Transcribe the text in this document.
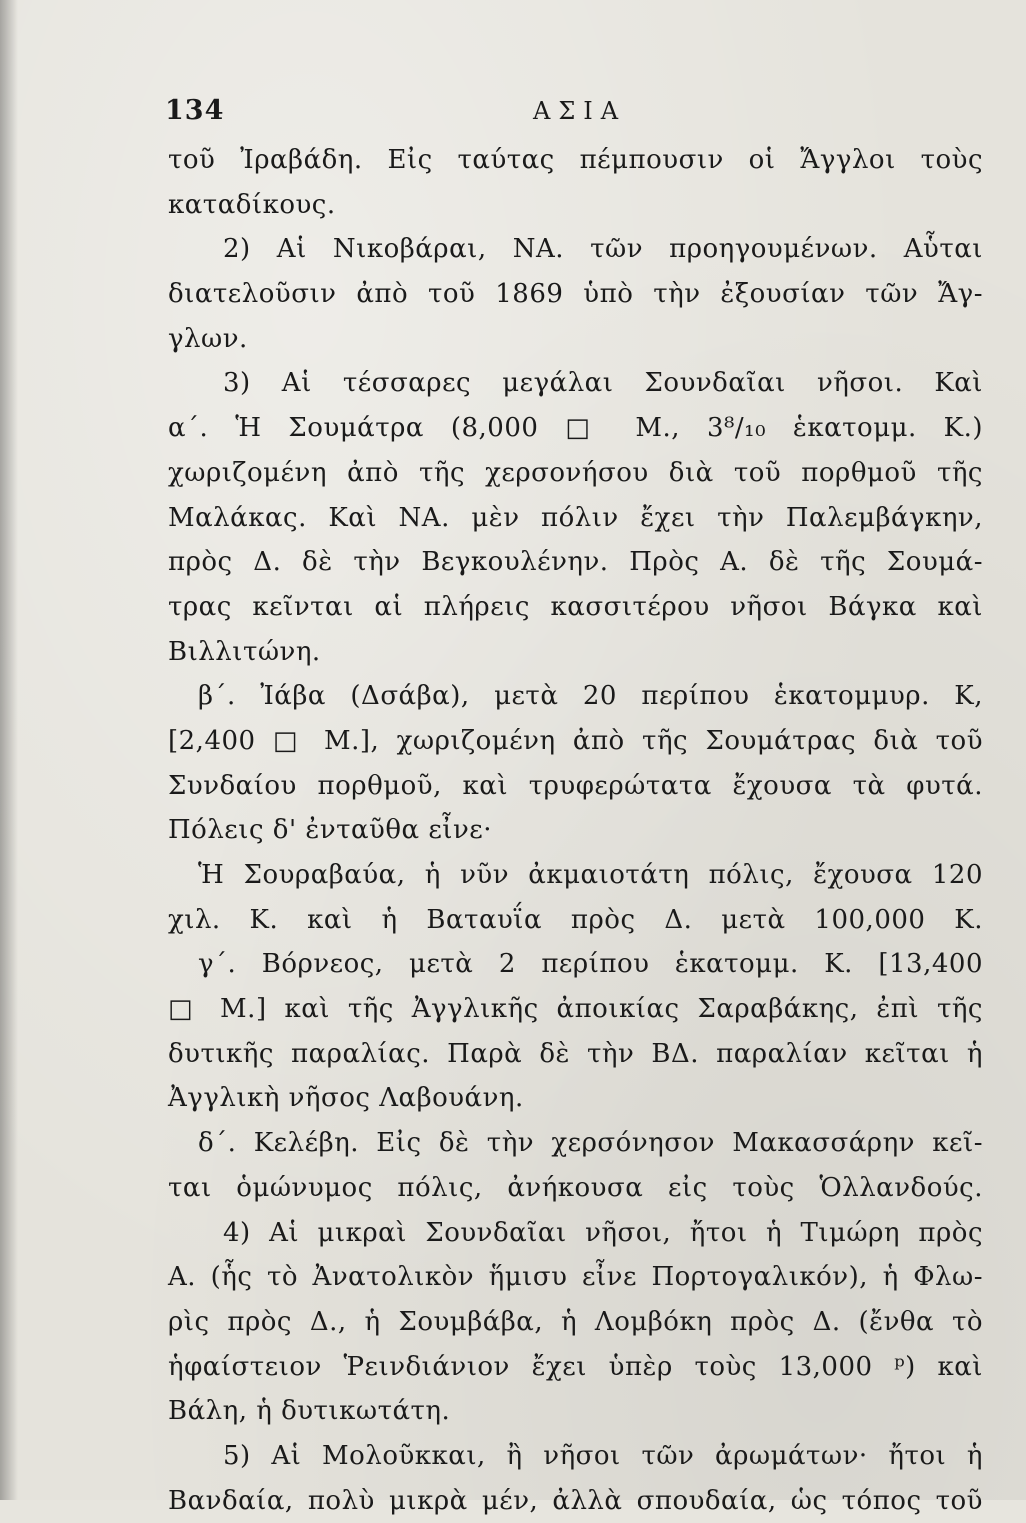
134	ΑΣΙΑ
τοῦ Ἰραβάδη. Εἰς ταύτας πέμπουσιν οἱ Ἄγγλοι τοὺς
καταδίκους.
2) Αἱ Νικοβάραι, ΝΑ. τῶν προηγουμένων. Αὗται
διατελοῦσιν ἀπὸ τοῦ 1869 ὑπὸ τὴν ἐξουσίαν τῶν Ἄγ-
γλων.
3) Αἱ τέσσαρες μεγάλαι Σουνδαῖαι νῆσοι. Καὶ
α΄. Ἡ Σουμάτρα (8,000 □ Μ., 3⁸/₁₀ ἑκατομμ. Κ.)
χωριζομένη ἀπὸ τῆς χερσονήσου διὰ τοῦ πορθμοῦ τῆς
Μαλάκας. Καὶ ΝΑ. μὲν πόλιν ἔχει τὴν Παλεμβάγκην,
πρὸς Δ. δὲ τὴν Βεγκουλένην. Πρὸς Α. δὲ τῆς Σουμά-
τρας κεῖνται αἱ πλήρεις κασσιτέρου νῆσοι Βάγκα καὶ
Βιλλιτώνη.
β΄. Ἰάβα (Δσάβα), μετὰ 20 περίπου ἑκατομμυρ. Κ,
[2,400 □ Μ.], χωριζομένη ἀπὸ τῆς Σουμάτρας διὰ τοῦ
Συνδαίου πορθμοῦ, καὶ τρυφερώτατα ἔχουσα τὰ φυτά.
Πόλεις δ' ἐνταῦθα εἶνε·
Ἡ Σουραβαύα, ἡ νῦν ἀκμαιοτάτη πόλις, ἔχουσα 120
χιλ. Κ. καὶ ἡ Βαταυΐα πρὸς Δ. μετὰ 100,000 Κ.
γ΄. Βόρνεος, μετὰ 2 περίπου ἑκατομμ. Κ. [13,400
□ Μ.] καὶ τῆς Ἀγγλικῆς ἀποικίας Σαραβάκης, ἐπὶ τῆς
δυτικῆς παραλίας. Παρὰ δὲ τὴν ΒΔ. παραλίαν κεῖται ἡ
Ἀγγλικὴ νῆσος Λαβουάνη.
δ΄. Κελέβη. Εἰς δὲ τὴν χερσόνησον Μακασσάρην κεῖ-
ται ὁμώνυμος πόλις, ἀνήκουσα εἰς τοὺς Ὁλλανδούς.
4) Αἱ μικραὶ Σουνδαῖαι νῆσοι, ἤτοι ἡ Τιμώρη πρὸς
Α. (ἧς τὸ Ἀνατολικὸν ἥμισυ εἶνε Πορτογαλικόν), ἡ Φλω-
ρὶς πρὸς Δ., ἡ Σουμβάβα, ἡ Λομβόκη πρὸς Δ. (ἔνθα τὸ
ἡφαίστειον Ῥεινδιάνιον ἔχει ὑπὲρ τοὺς 13,000 ᵖ) καὶ
Βάλη, ἡ δυτικωτάτη.
5) Αἱ Μολοῦκκαι, ἢ νῆσοι τῶν ἀρωμάτων· ἤτοι ἡ
Βανδαία, πολὺ μικρὰ μέν, ἀλλὰ σπουδαία, ὡς τόπος τοῦ
